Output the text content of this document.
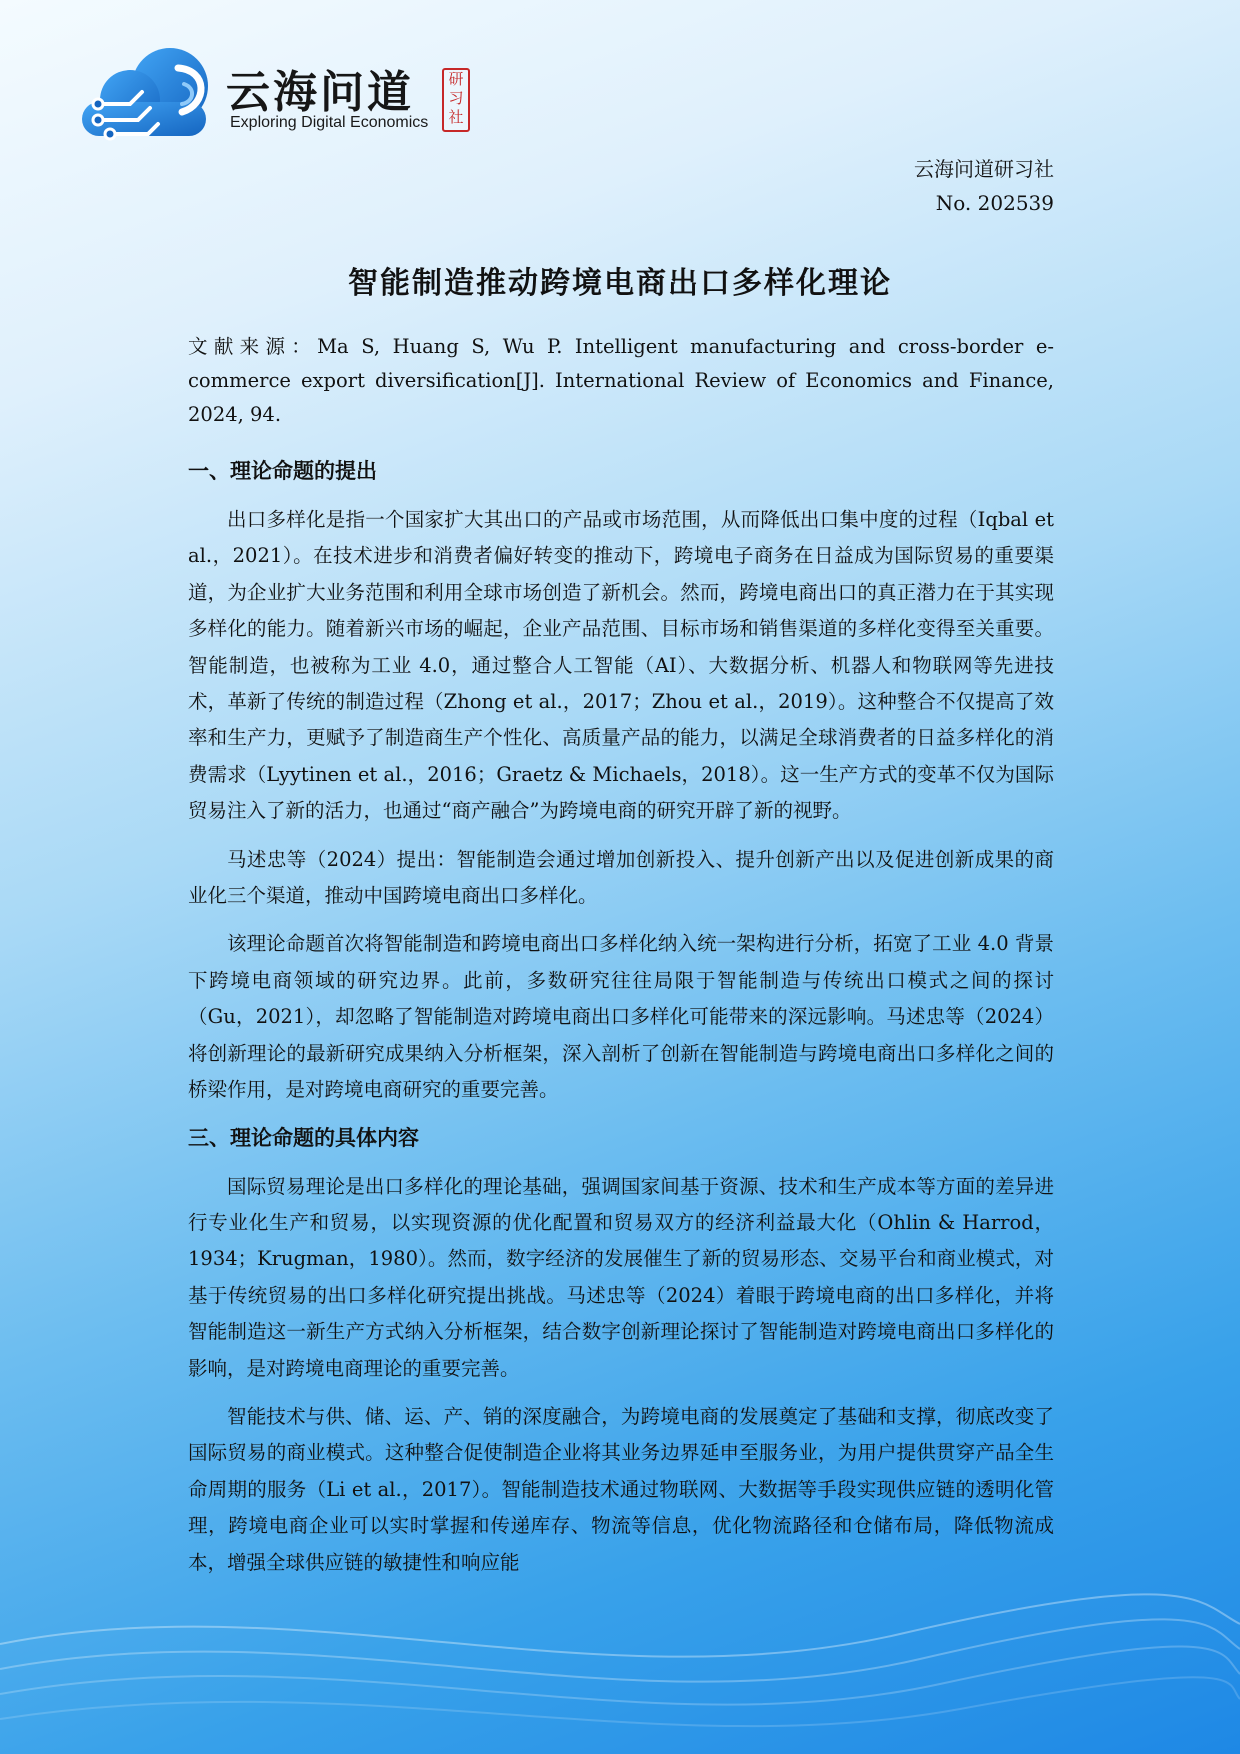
云海问道
Exploring Digital Economics
研习社
云海问道研习社
No. 202539
智能制造推动跨境电商出口多样化理论

文献来源：Ma S, Huang S, Wu P. Intelligent manufacturing and cross-border e-commerce export diversification[J]. International Review of Economics and Finance, 2024, 94.

一、理论命题的提出

出口多样化是指一个国家扩大其出口的产品或市场范围，从而降低出口集中度的过程（Iqbal et al.，2021）。在技术进步和消费者偏好转变的推动下，跨境电子商务在日益成为国际贸易的重要渠道，为企业扩大业务范围和利用全球市场创造了新机会。然而，跨境电商出口的真正潜力在于其实现多样化的能力。随着新兴市场的崛起，企业产品范围、目标市场和销售渠道的多样化变得至关重要。智能制造，也被称为工业 4.0，通过整合人工智能（AI）、大数据分析、机器人和物联网等先进技术，革新了传统的制造过程（Zhong et al.，2017；Zhou et al.，2019）。这种整合不仅提高了效率和生产力，更赋予了制造商生产个性化、高质量产品的能力，以满足全球消费者的日益多样化的消费需求（Lyytinen et al.，2016；Graetz & Michaels，2018）。这一生产方式的变革不仅为国际贸易注入了新的活力，也通过“商产融合”为跨境电商的研究开辟了新的视野。

马述忠等（2024）提出：智能制造会通过增加创新投入、提升创新产出以及促进创新成果的商业化三个渠道，推动中国跨境电商出口多样化。

该理论命题首次将智能制造和跨境电商出口多样化纳入统一架构进行分析，拓宽了工业 4.0 背景下跨境电商领域的研究边界。此前，多数研究往往局限于智能制造与传统出口模式之间的探讨（Gu，2021），却忽略了智能制造对跨境电商出口多样化可能带来的深远影响。马述忠等（2024）将创新理论的最新研究成果纳入分析框架，深入剖析了创新在智能制造与跨境电商出口多样化之间的桥梁作用，是对跨境电商研究的重要完善。

三、理论命题的具体内容

国际贸易理论是出口多样化的理论基础，强调国家间基于资源、技术和生产成本等方面的差异进行专业化生产和贸易，以实现资源的优化配置和贸易双方的经济利益最大化（Ohlin & Harrod，1934；Krugman，1980）。然而，数字经济的发展催生了新的贸易形态、交易平台和商业模式，对基于传统贸易的出口多样化研究提出挑战。马述忠等（2024）着眼于跨境电商的出口多样化，并将智能制造这一新生产方式纳入分析框架，结合数字创新理论探讨了智能制造对跨境电商出口多样化的影响，是对跨境电商理论的重要完善。

智能技术与供、储、运、产、销的深度融合，为跨境电商的发展奠定了基础和支撑，彻底改变了国际贸易的商业模式。这种整合促使制造企业将其业务边界延申至服务业，为用户提供贯穿产品全生命周期的服务（Li et al.，2017）。智能制造技术通过物联网、大数据等手段实现供应链的透明化管理，跨境电商企业可以实时掌握和传递库存、物流等信息，优化物流路径和仓储布局，降低物流成本，增强全球供应链的敏捷性和响应能
